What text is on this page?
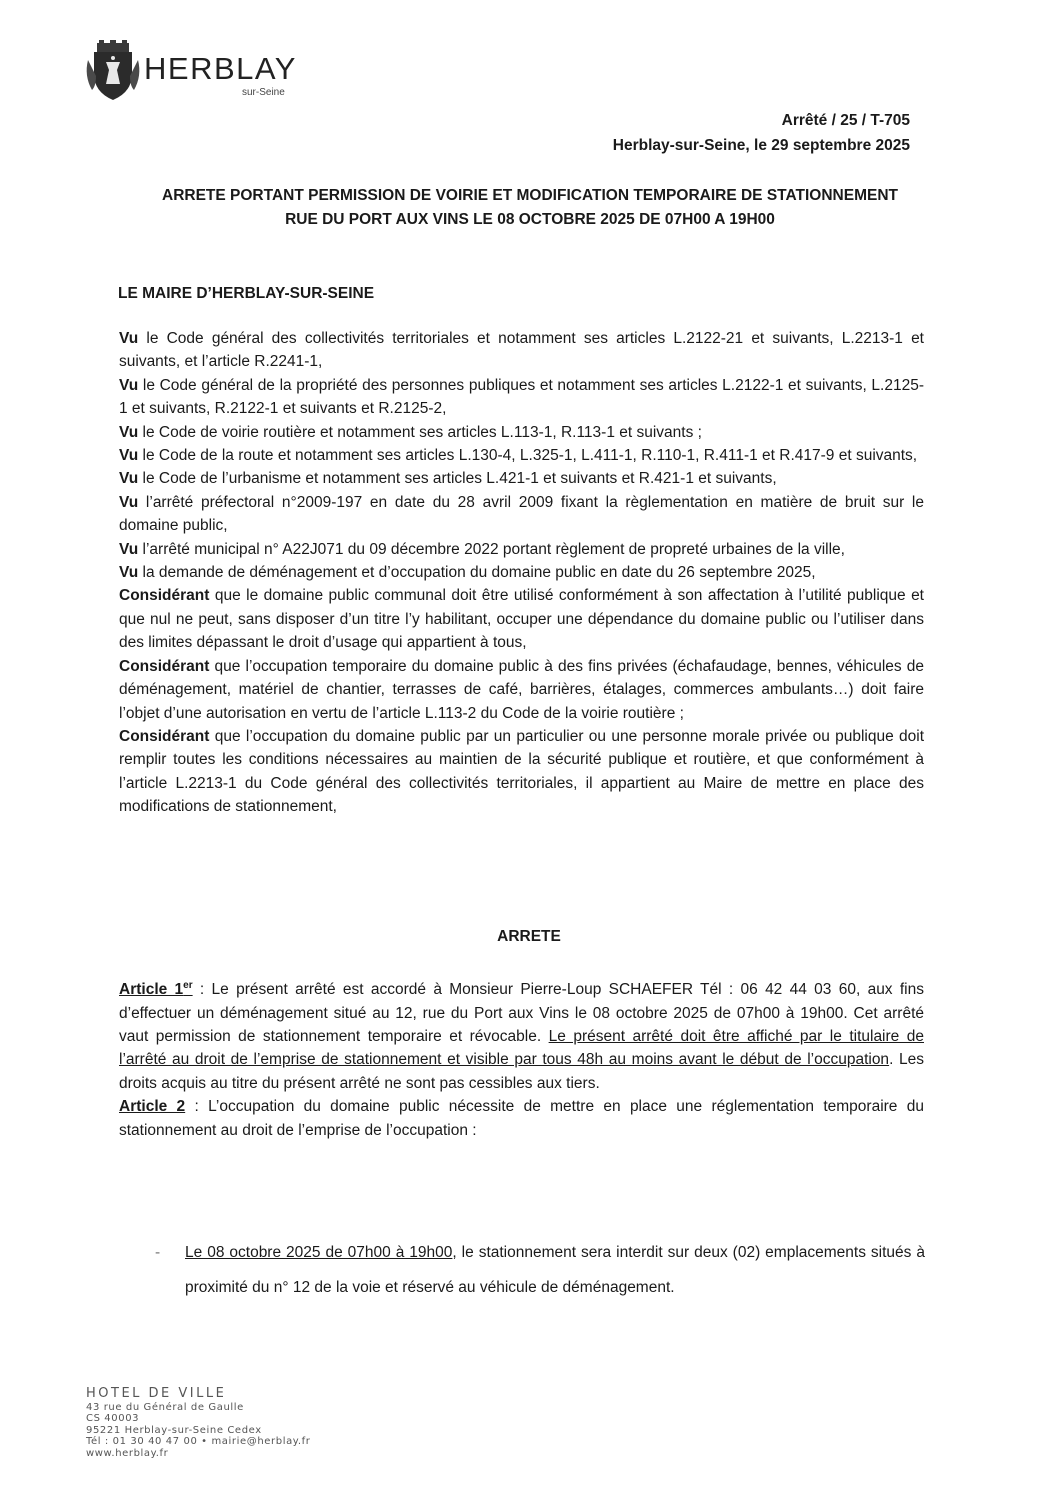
HERBLAY
sur-Seine
Arrêté / 25 / T-705
Herblay-sur-Seine, le 29 septembre 2025
ARRETE PORTANT PERMISSION DE VOIRIE ET MODIFICATION TEMPORAIRE DE STATIONNEMENT
RUE DU PORT AUX VINS LE 08 OCTOBRE 2025 DE 07H00 A 19H00
LE MAIRE D’HERBLAY-SUR-SEINE

Vu le Code général des collectivités territoriales et notamment ses articles L.2122-21 et suivants, L.2213-1 et suivants, et l’article R.2241-1,

Vu le Code général de la propriété des personnes publiques et notamment ses articles L.2122-1 et suivants, L.2125-1 et suivants, R.2122-1 et suivants et R.2125-2,

Vu le Code de voirie routière et notamment ses articles L.113-1, R.113-1 et suivants ;

Vu le Code de la route et notamment ses articles L.130-4, L.325-1, L.411-1, R.110-1, R.411-1 et R.417-9 et suivants,

Vu le Code de l’urbanisme et notamment ses articles L.421-1 et suivants et R.421-1 et suivants,

Vu l’arrêté préfectoral n°2009-197 en date du 28 avril 2009 fixant la règlementation en matière de bruit sur le domaine public,

Vu l’arrêté municipal n° A22J071 du 09 décembre 2022 portant règlement de propreté urbaines de la ville,

Vu la demande de déménagement et d’occupation du domaine public en date du 26 septembre 2025,

Considérant que le domaine public communal doit être utilisé conformément à son affectation à l’utilité publique et que nul ne peut, sans disposer d’un titre l’y habilitant, occuper une dépendance du domaine public ou l’utiliser dans des limites dépassant le droit d’usage qui appartient à tous,

Considérant que l’occupation temporaire du domaine public à des fins privées (échafaudage, bennes, véhicules de déménagement, matériel de chantier, terrasses de café, barrières, étalages, commerces ambulants…) doit faire l’objet d’une autorisation en vertu de l’article L.113-2 du Code de la voirie routière ;

Considérant que l’occupation du domaine public par un particulier ou une personne morale privée ou publique doit remplir toutes les conditions nécessaires au maintien de la sécurité publique et routière, et que conformément à l’article L.2213-1 du Code général des collectivités territoriales, il appartient au Maire de mettre en place des modifications de stationnement,

ARRETE

Article 1er : Le présent arrêté est accordé à Monsieur Pierre-Loup SCHAEFER Tél : 06 42 44 03 60, aux fins d’effectuer un déménagement situé au 12, rue du Port aux Vins le 08 octobre 2025 de 07h00 à 19h00. Cet arrêté vaut permission de stationnement temporaire et révocable. Le présent arrêté doit être affiché par le titulaire de l’arrêté au droit de l’emprise de stationnement et visible par tous 48h au moins avant le début de l’occupation. Les droits acquis au titre du présent arrêté ne sont pas cessibles aux tiers.

Article 2 : L’occupation du domaine public nécessite de mettre en place une réglementation temporaire du stationnement au droit de l’emprise de l’occupation :

- Le 08 octobre 2025 de 07h00 à 19h00, le stationnement sera interdit sur deux (02) emplacements situés à proximité du n° 12 de la voie et réservé au véhicule de déménagement.
HOTEL DE VILLE
43 rue du Général de Gaulle
CS 40003
95221 Herblay-sur-Seine Cedex
Tél : 01 30 40 47 00 • mairie@herblay.fr
www.herblay.fr
